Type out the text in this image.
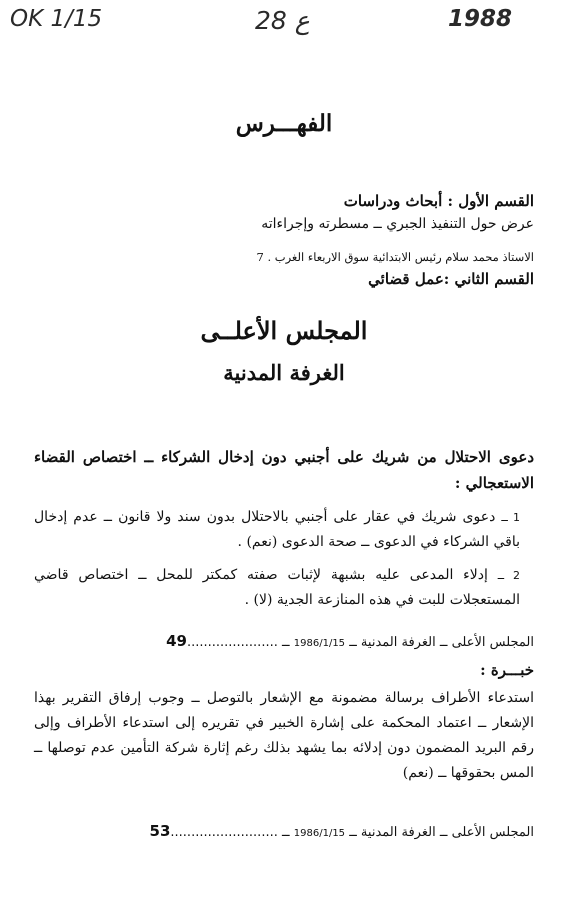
OK 1/15	28 ع	1988
الفهـــرس
القسم الأول : أبحاث ودراسات
عرض حول التنفيذ الجبري ــ مسطرته وإجراءاته
الاستاذ محمد سلام رئيس الابتدائية سوق الاربعاء الغرب . 7
القسم الثاني :عمل قضائي
المجلس الأعلــى
الغرفة المدنية
دعوى الاحتلال من شريك على أجنبي دون إدخال الشركاء ــ اختصاص القضاء الاستعجالي :
1 ــ دعوى شريك في عقار على أجنبي بالاحتلال بدون سند ولا قانون ــ عدم إدخال باقي الشركاء في الدعوى ــ صحة الدعوى (نعم) .
2 ــ إدلاء المدعى عليه بشبهة لإثبات صفته كمكتر للمحل ــ اختصاص قاضي المستعجلات للبت في هذه المنازعة الجدية (لا) .
المجلس الأعلى ــ الغرفة المدنية ــ 1986/1/15 ــ ......................49
خبـــرة :
استدعاء الأطراف برسالة مضمونة مع الإشعار بالتوصل ــ وجوب إرفاق التقرير بهذا الإشعار ــ اعتماد المحكمة على إشارة الخبير في تقريره إلى استدعاء الأطراف وإلى رقم البريد المضمون دون إدلائه بما يشهد بذلك رغم إثارة شركة التأمين عدم توصلها ــ المس بحقوقها ــ (نعم)
المجلس الأعلى ــ الغرفة المدنية ــ 1986/1/15 ــ ..........................53
